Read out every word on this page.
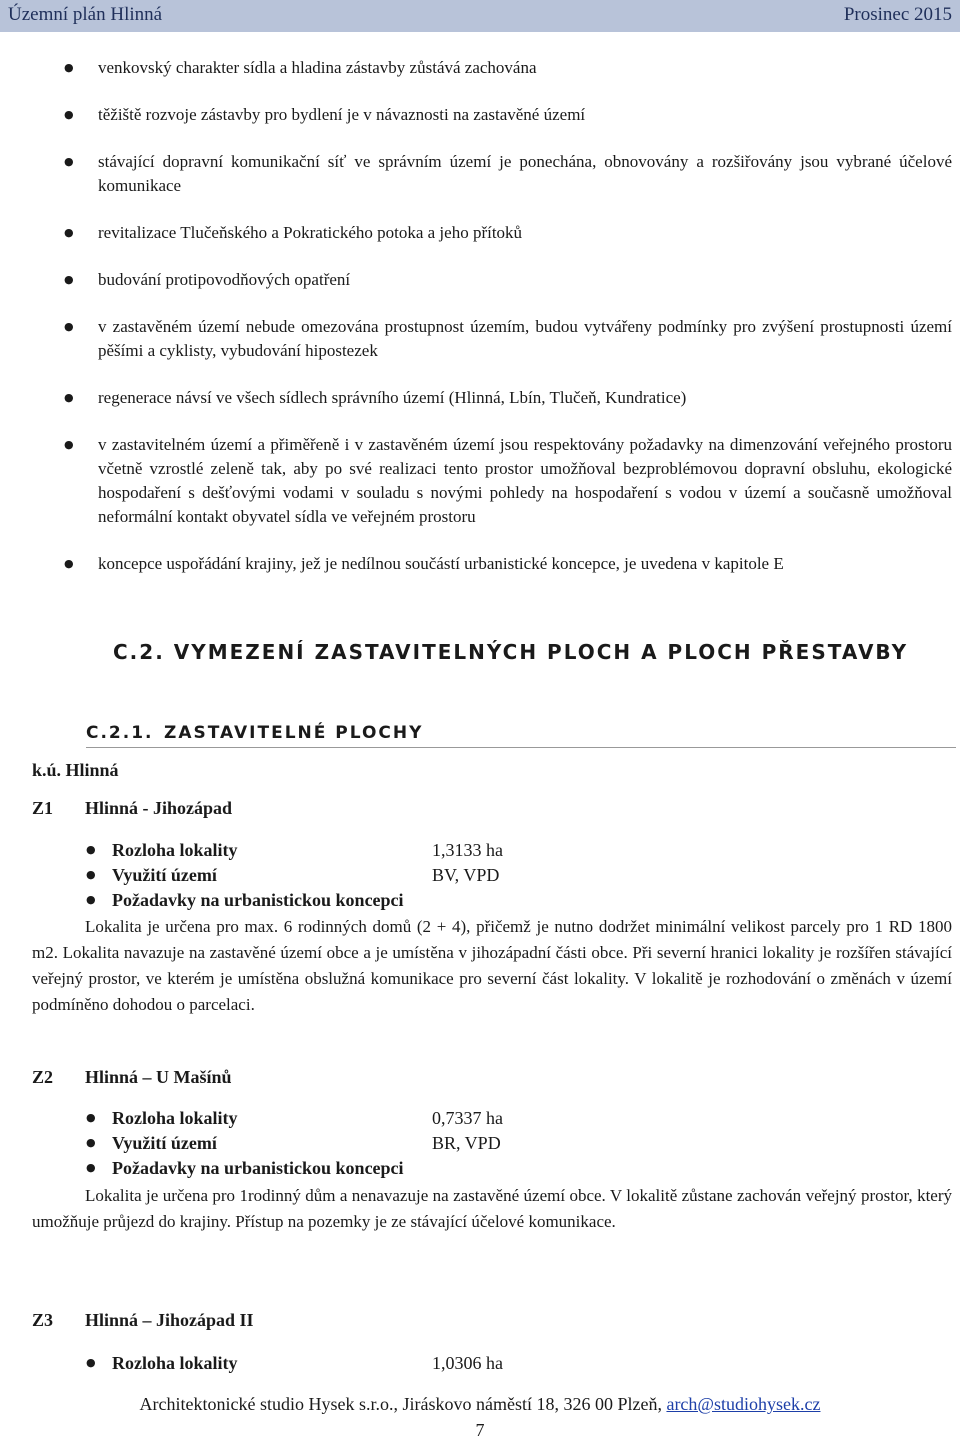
Územní plán Hlinná	Prosinec 2015
● venkovský charakter sídla a hladina zástavby zůstává zachována
● těžiště rozvoje zástavby pro bydlení je v návaznosti na zastavěné území
● stávající dopravní komunikační síť ve správním území je ponechána, obnovovány a rozšiřovány jsou vybrané účelové komunikace
● revitalizace Tlučeňského a Pokratického potoka a jeho přítoků
● budování protipovodňových opatření
● v zastavěném území nebude omezována prostupnost územím, budou vytvářeny podmínky pro zvýšení prostupnosti území pěšími a cyklisty, vybudování hipostezek
● regenerace návsí ve všech sídlech správního území (Hlinná, Lbín, Tlučeň, Kundratice)
● v zastavitelném území a přiměřeně i v zastavěném území jsou respektovány požadavky na dimenzování veřejného prostoru včetně vzrostlé zeleně tak, aby po své realizaci tento prostor umožňoval bezproblémovou dopravní obsluhu, ekologické hospodaření s dešťovými vodami v souladu s novými pohledy na hospodaření s vodou v území a současně umožňoval neformální kontakt obyvatel sídla ve veřejném prostoru
● koncepce uspořádání krajiny, jež je nedílnou součástí urbanistické koncepce, je uvedena v kapitole E
C.2. VYMEZENÍ ZASTAVITELNÝCH PLOCH A PLOCH PŘESTAVBY
C.2.1. ZASTAVITELNÉ PLOCHY
k.ú. Hlinná
Z1 Hlinná - Jihozápad
● Rozloha lokality	1,3133 ha
● Využití území	BV, VPD
● Požadavky na urbanistickou koncepci
Lokalita je určena pro max. 6 rodinných domů (2 + 4), přičemž je nutno dodržet minimální velikost parcely pro 1 RD 1800 m2. Lokalita navazuje na zastavěné území obce a je umístěna v jihozápadní části obce. Při severní hranici lokality je rozšířen stávající veřejný prostor, ve kterém je umístěna obslužná komunikace pro severní část lokality. V lokalitě je rozhodování o změnách v území podmíněno dohodou o parcelaci.
Z2 Hlinná – U Mašínů
● Rozloha lokality	0,7337 ha
● Využití území	BR, VPD
● Požadavky na urbanistickou koncepci
Lokalita je určena pro 1rodinný dům a nenavazuje na zastavěné území obce. V lokalitě zůstane zachován veřejný prostor, který umožňuje průjezd do krajiny. Přístup na pozemky je ze stávající účelové komunikace.
Z3 Hlinná – Jihozápad II
● Rozloha lokality	1,0306 ha
Architektonické studio Hysek s.r.o., Jiráskovo náměstí 18, 326 00 Plzeň, arch@studiohysek.cz
7
